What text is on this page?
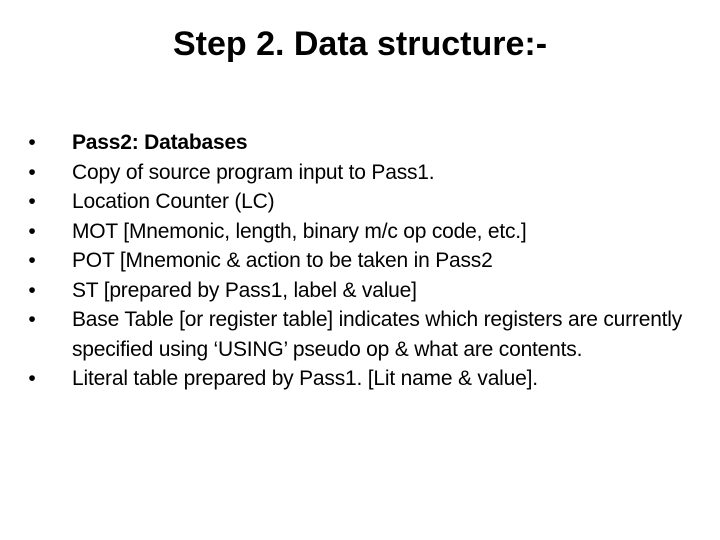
Step 2. Data structure:-
•	Pass2: Databases
•	Copy of source program input to Pass1.
•	Location Counter (LC)
•	MOT [Mnemonic, length, binary m/c op code, etc.]
•	POT [Mnemonic & action to be taken in Pass2
•	ST [prepared by Pass1, label & value]
•	Base Table [or register table] indicates which registers are currently specified using ‘USING’ pseudo op & what are contents.
•	Literal table prepared by Pass1. [Lit name & value].
